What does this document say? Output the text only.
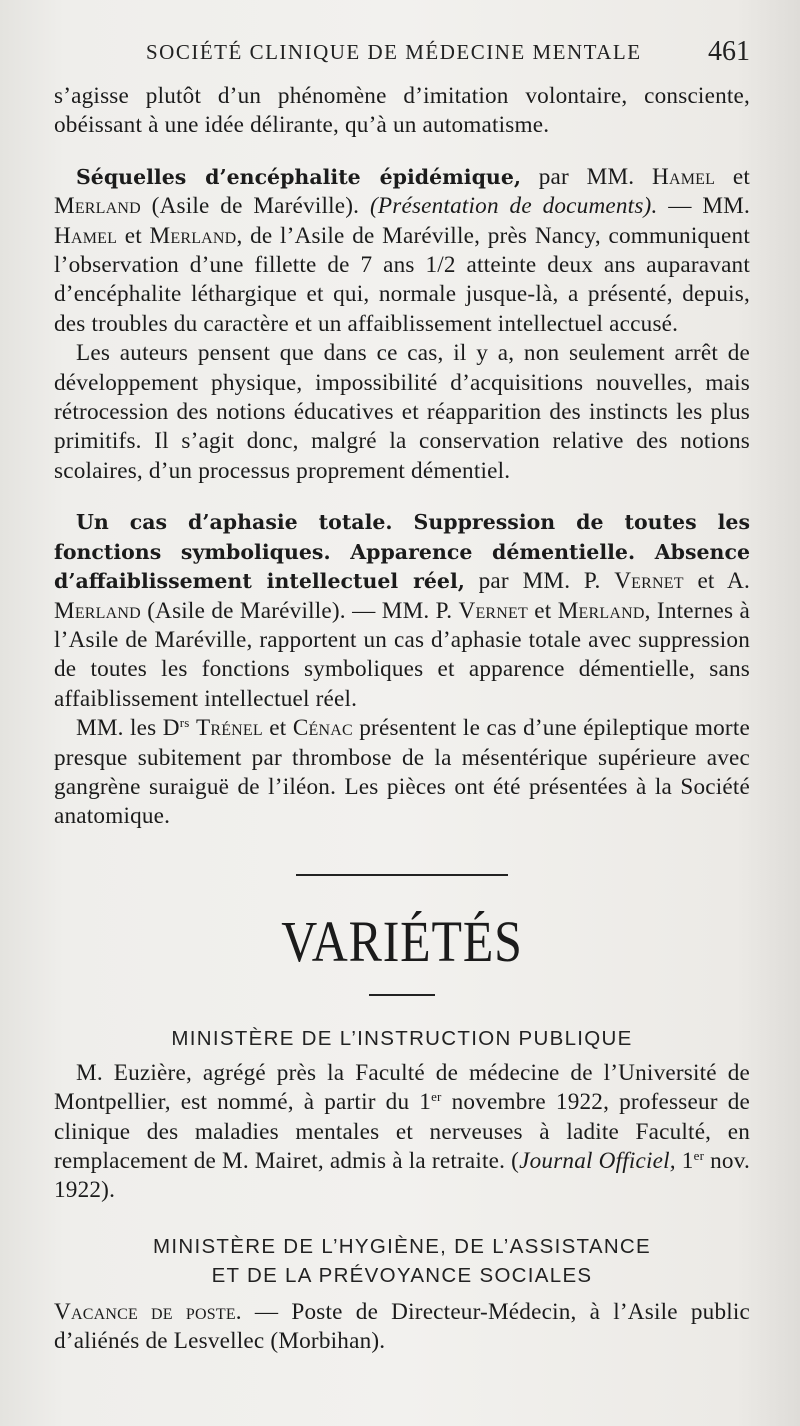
SOCIÉTÉ CLINIQUE DE MÉDECINE MENTALE 461

s’agisse plutôt d’un phénomène d’imitation volontaire, consciente, obéissant à une idée délirante, qu’à un automatisme.

Séquelles d’encéphalite épidémique, par MM. Hamel et Merland (Asile de Maréville). (Présentation de documents). — MM. Hamel et Merland, de l’Asile de Maréville, près Nancy, communiquent l’observation d’une fillette de 7 ans 1/2 atteinte deux ans auparavant d’encéphalite léthargique et qui, normale jusque-là, a présenté, depuis, des troubles du caractère et un affaiblissement intellectuel accusé.

Les auteurs pensent que dans ce cas, il y a, non seulement arrêt de développement physique, impossibilité d’acquisitions nouvelles, mais rétrocession des notions éducatives et réapparition des instincts les plus primitifs. Il s’agit donc, malgré la conservation relative des notions scolaires, d’un processus proprement démentiel.

Un cas d’aphasie totale. Suppression de toutes les fonctions symboliques. Apparence démentielle. Absence d’affaiblissement intellectuel réel, par MM. P. Vernet et A. Merland (Asile de Maréville). — MM. P. Vernet et Merland, Internes à l’Asile de Maréville, rapportent un cas d’aphasie totale avec suppression de toutes les fonctions symboliques et apparence démentielle, sans affaiblissement intellectuel réel.

MM. les $D^{rs}$ Trénel et Cénac présentent le cas d’une épileptique morte presque subitement par thrombose de la mésentérique supérieure avec gangrène suraiguë de l’iléon. Les pièces ont été présentées à la Société anatomique.

VARIÉTÉS
MINISTÈRE DE L’INSTRUCTION PUBLIQUE

M. Euzière, agrégé près la Faculté de médecine de l’Université de Montpellier, est nommé, à partir du 1er novembre 1922, professeur de clinique des maladies mentales et nerveuses à ladite Faculté, en remplacement de M. Mairet, admis à la retraite. (Journal Officiel, 1er nov. 1922).

MINISTÈRE DE L’HYGIÈNE, DE L’ASSISTANCE
ET DE LA PRÉVOYANCE SOCIALES

Vacance de poste. — Poste de Directeur-Médecin, à l’Asile public d’aliénés de Lesvellec (Morbihan).
